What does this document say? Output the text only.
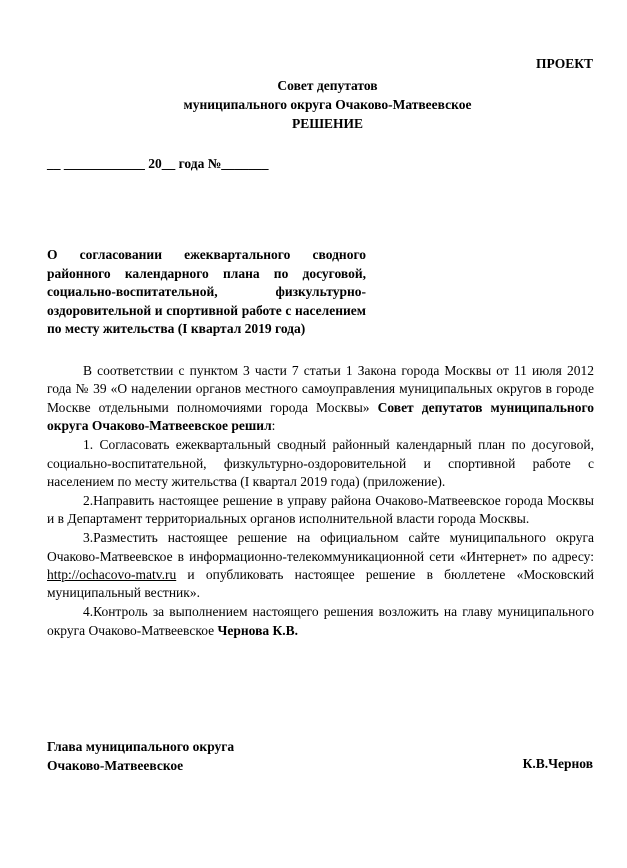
ПРОЕКТ
Совет депутатов
муниципального округа Очаково-Матвеевское
РЕШЕНИЕ
__ ____________ 20__ года №_______
О согласовании ежеквартального сводного районного календарного плана по досуговой, социально-воспитательной, физкультурно-оздоровительной и спортивной работе с населением по месту жительства (I квартал 2019 года)

В соответствии с пунктом 3 части 7 статьи 1 Закона города Москвы от 11 июля 2012 года № 39 «О наделении органов местного самоуправления муниципальных округов в городе Москве отдельными полномочиями города Москвы» Совет депутатов муниципального округа Очаково-Матвеевское решил:

1. Согласовать ежеквартальный сводный районный календарный план по досуговой, социально-воспитательной, физкультурно-оздоровительной и спортивной работе с населением по месту жительства (I квартал 2019 года) (приложение).

2.Направить настоящее решение в управу района Очаково-Матвеевское города Москвы и в Департамент территориальных органов исполнительной власти города Москвы.

3.Разместить настоящее решение на официальном сайте муниципального округа Очаково-Матвеевское в информационно-телекоммуникационной сети «Интернет» по адресу: http://ochacovo-matv.ru и опубликовать настоящее решение в бюллетене «Московский муниципальный вестник».

4.Контроль за выполнением настоящего решения возложить на главу муниципального округа Очаково-Матвеевское Чернова К.В.

Глава муниципального округа
Очаково-Матвеевское	К.В.Чернов
